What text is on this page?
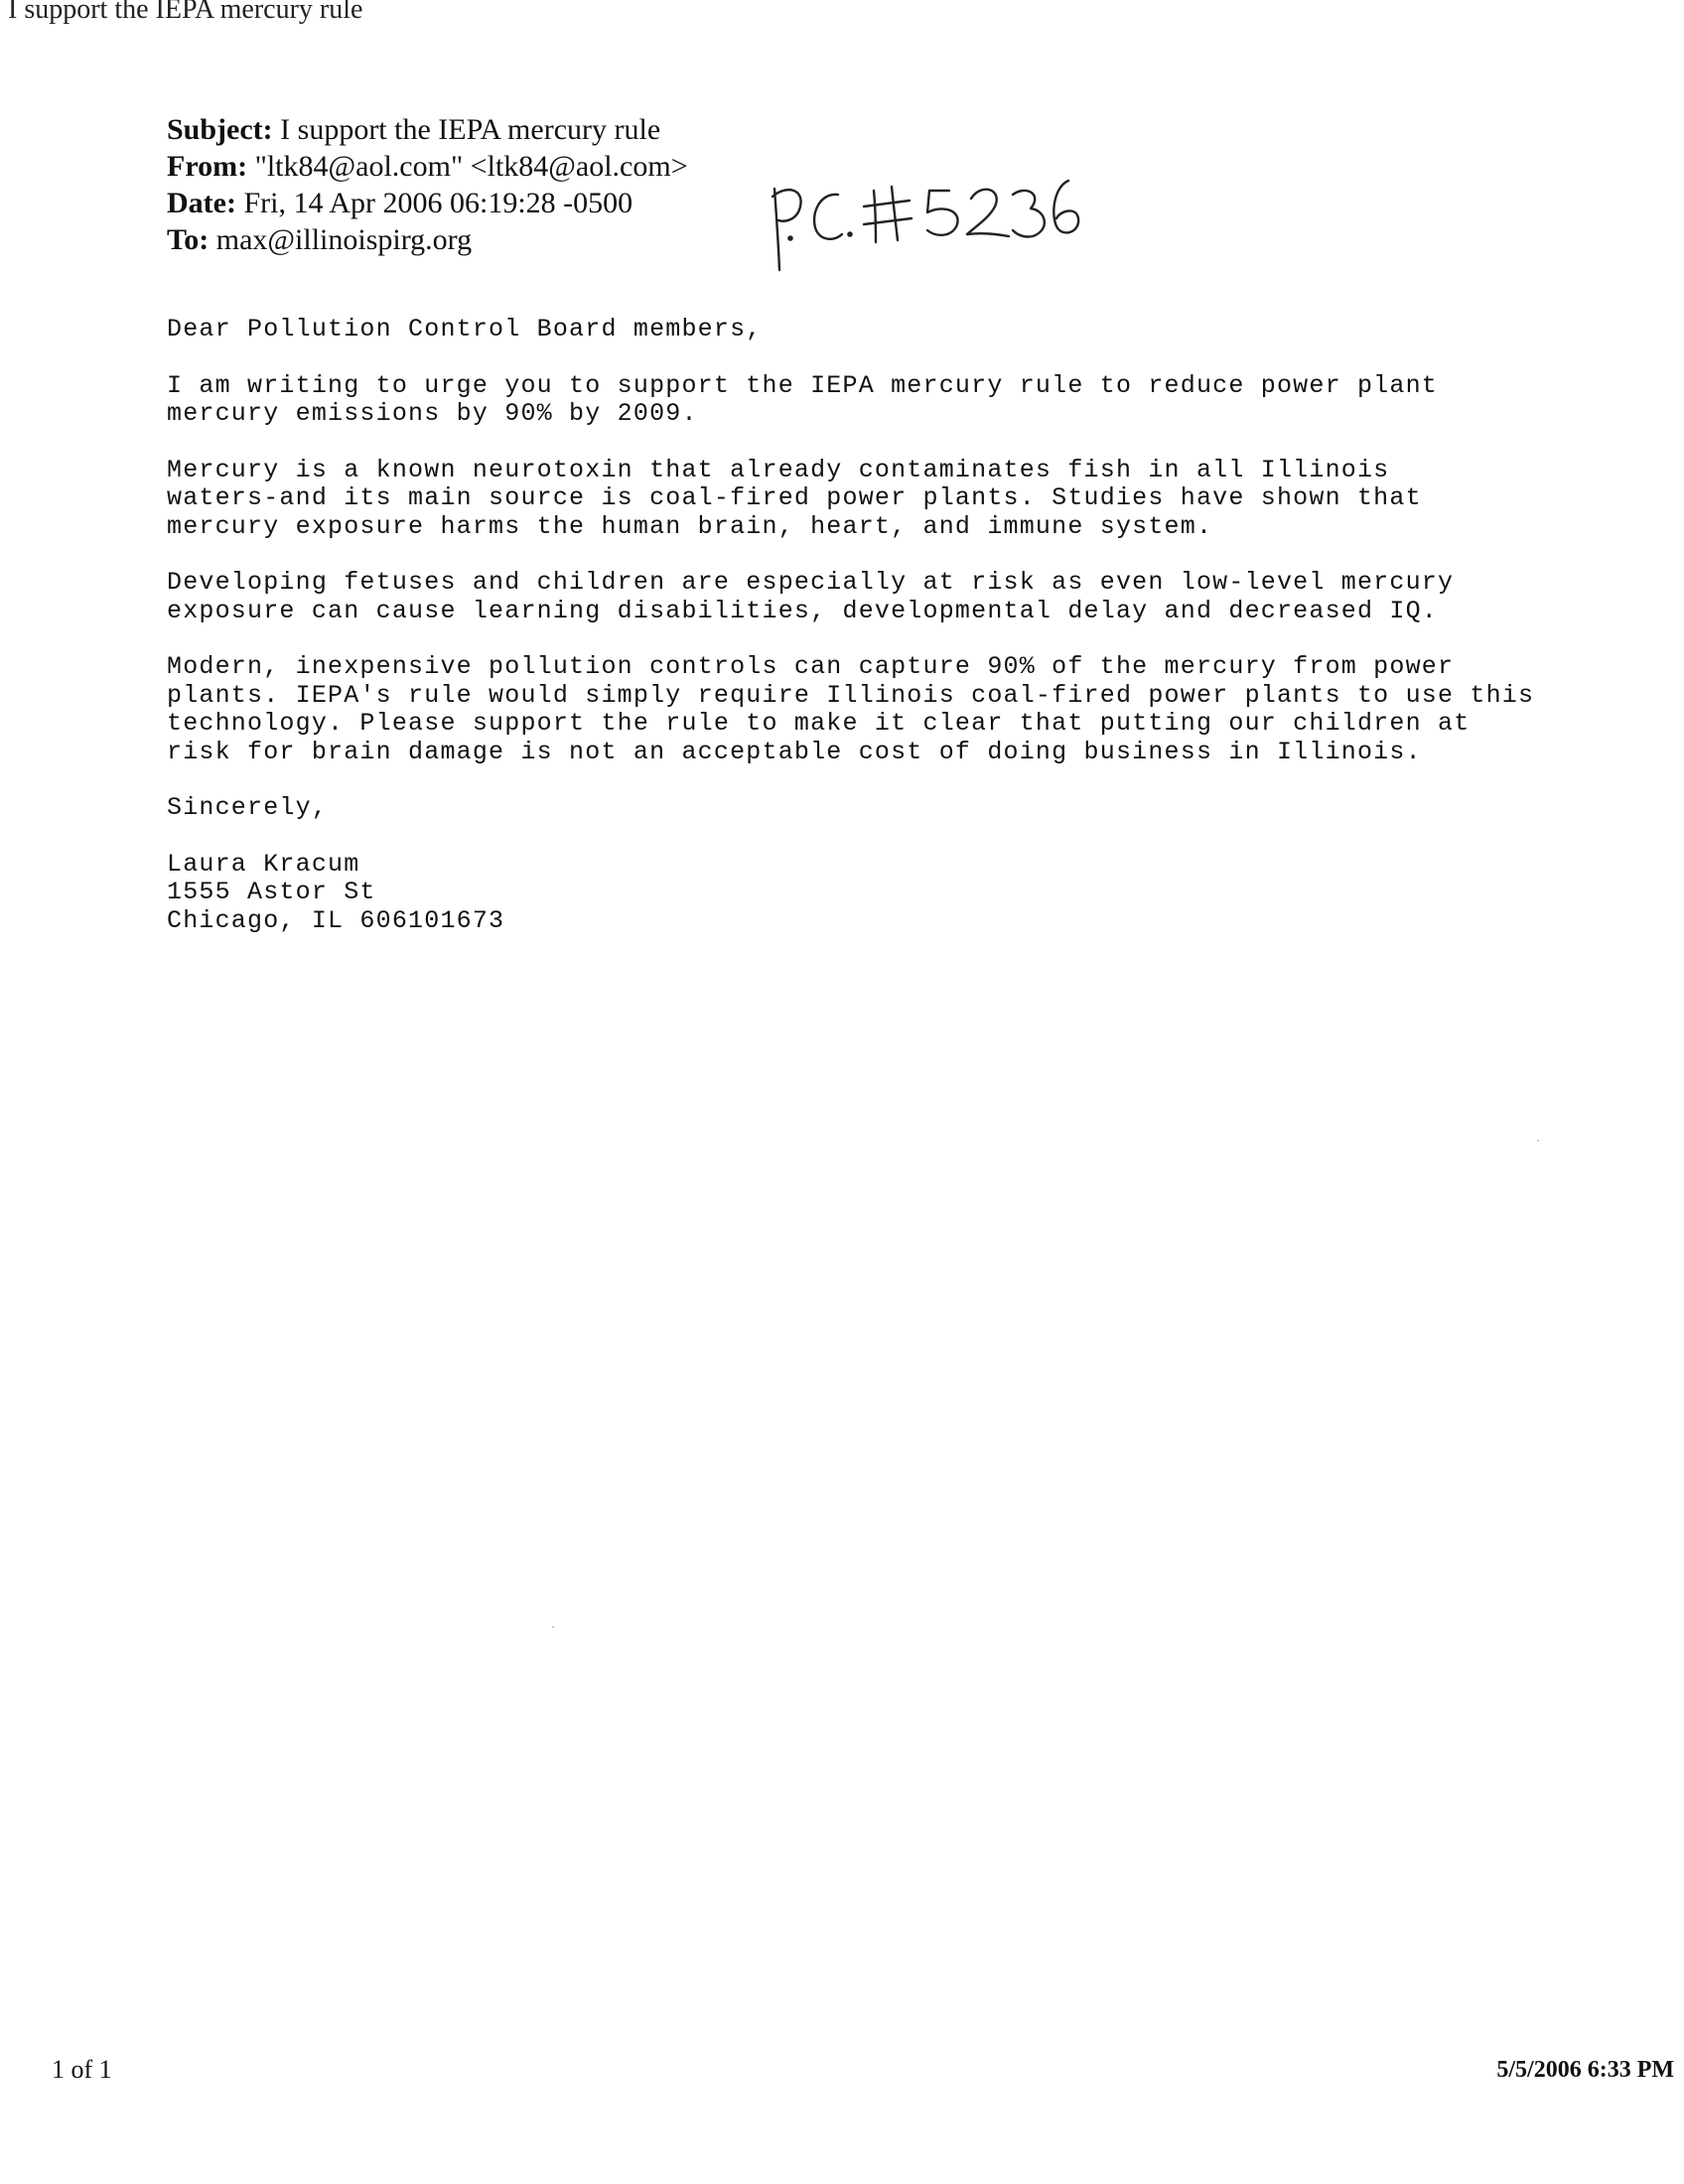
I support the IEPA mercury rule
Subject: I support the IEPA mercury rule
From: "ltk84@aol.com" <ltk84@aol.com>
Date: Fri, 14 Apr 2006 06:19:28 -0500
To: max@illinoispirg.org
Dear Pollution Control Board members,
I am writing to urge you to support the IEPA mercury rule to reduce power plant
mercury emissions by 90% by 2009.
Mercury is a known neurotoxin that already contaminates fish in all Illinois
waters-and its main source is coal-fired power plants. Studies have shown that
mercury exposure harms the human brain, heart, and immune system.
Developing fetuses and children are especially at risk as even low-level mercury
exposure can cause learning disabilities, developmental delay and decreased IQ.
Modern, inexpensive pollution controls can capture 90% of the mercury from power
plants. IEPA's rule would simply require Illinois coal-fired power plants to use this
technology. Please support the rule to make it clear that putting our children at
risk for brain damage is not an acceptable cost of doing business in Illinois.
Sincerely,
Laura Kracum
1555 Astor St
Chicago, IL 606101673
1 of 1	5/5/2006 6:33 PM
